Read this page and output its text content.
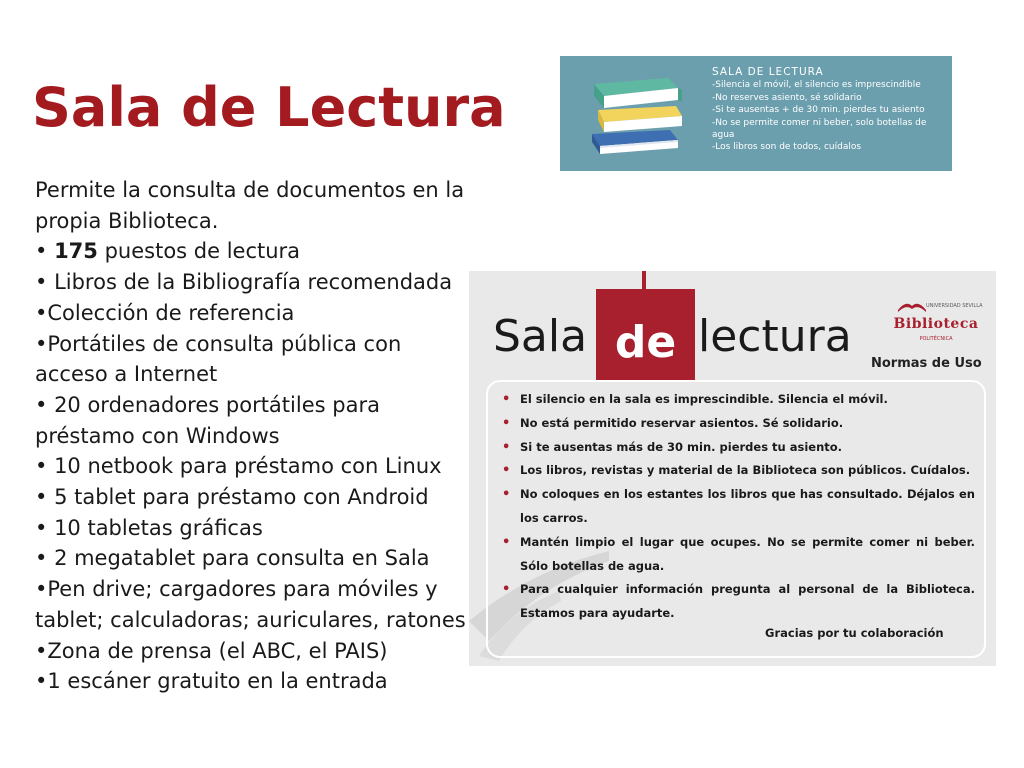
Sala de Lectura

Permite la consulta de documentos en la propia Biblioteca.

• 175 puestos de lectura

• Libros de la Bibliografía recomendada

•Colección de referencia

•Portátiles de consulta pública con acceso a Internet

• 20 ordenadores portátiles para préstamo con Windows

• 10 netbook para préstamo con Linux

• 5 tablet para préstamo con Android

• 10 tabletas gráficas

• 2 megatablet para consulta en Sala

•Pen drive; cargadores para móviles y tablet; calculadoras; auriculares, ratones

•Zona de prensa (el ABC, el PAIS)

•1 escáner gratuito en la entrada

SALA DE LECTURA
-Silencia el móvil, el silencio es imprescindible
-No reserves asiento, sé solidario
-Si te ausentas + de 30 min. pierdes tu asiento
-No se permite comer ni beber, solo botellas de agua
-Los libros son de todos, cuídalos
Sala de lectura
UNIVERSIDAD SEVILLA
Biblioteca
POLITÉCNICA
Normas de Uso
• El silencio en la sala es imprescindible. Silencia el móvil.
• No está permitido reservar asientos. Sé solidario.
• Si te ausentas más de 30 min. pierdes tu asiento.
• Los libros, revistas y material de la Biblioteca son públicos. Cuídalos.
• No coloques en los estantes los libros que has consultado. Déjalos en los carros.
• Mantén limpio el lugar que ocupes. No se permite comer ni beber. Sólo botellas de agua.
• Para cualquier información pregunta al personal de la Biblioteca. Estamos para ayudarte.
Gracias por tu colaboración
